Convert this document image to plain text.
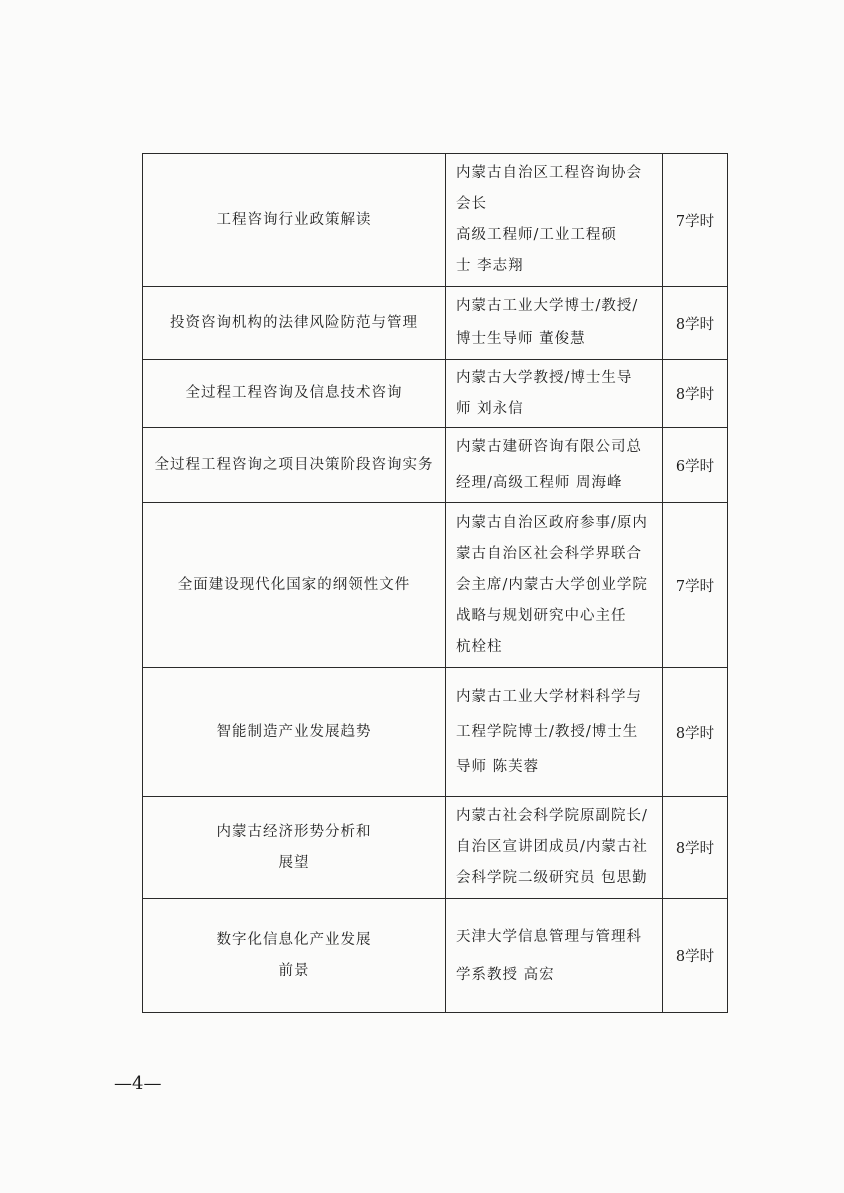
工程咨询行业政策解读	内蒙古自治区工程咨询协会
会长
高级工程师/工业工程硕
士 李志翔	7学时

投资咨询机构的法律风险防范与管理	内蒙古工业大学博士/教授/
博士生导师 董俊慧	8学时

全过程工程咨询及信息技术咨询	内蒙古大学教授/博士生导
师 刘永信	8学时

全过程工程咨询之项目决策阶段咨询实务	内蒙古建研咨询有限公司总
经理/高级工程师 周海峰	6学时

全面建设现代化国家的纲领性文件	内蒙古自治区政府参事/原内
蒙古自治区社会科学界联合
会主席/内蒙古大学创业学院
战略与规划研究中心主任
杭栓柱	7学时

智能制造产业发展趋势	内蒙古工业大学材料科学与
工程学院博士/教授/博士生
导师 陈芙蓉	8学时

内蒙古经济形势分析和
展望	内蒙古社会科学院原副院长/
自治区宣讲团成员/内蒙古社
会科学院二级研究员 包思勤	8学时

数字化信息化产业发展
前景	天津大学信息管理与管理科
学系教授 高宏	8学时
—4—
